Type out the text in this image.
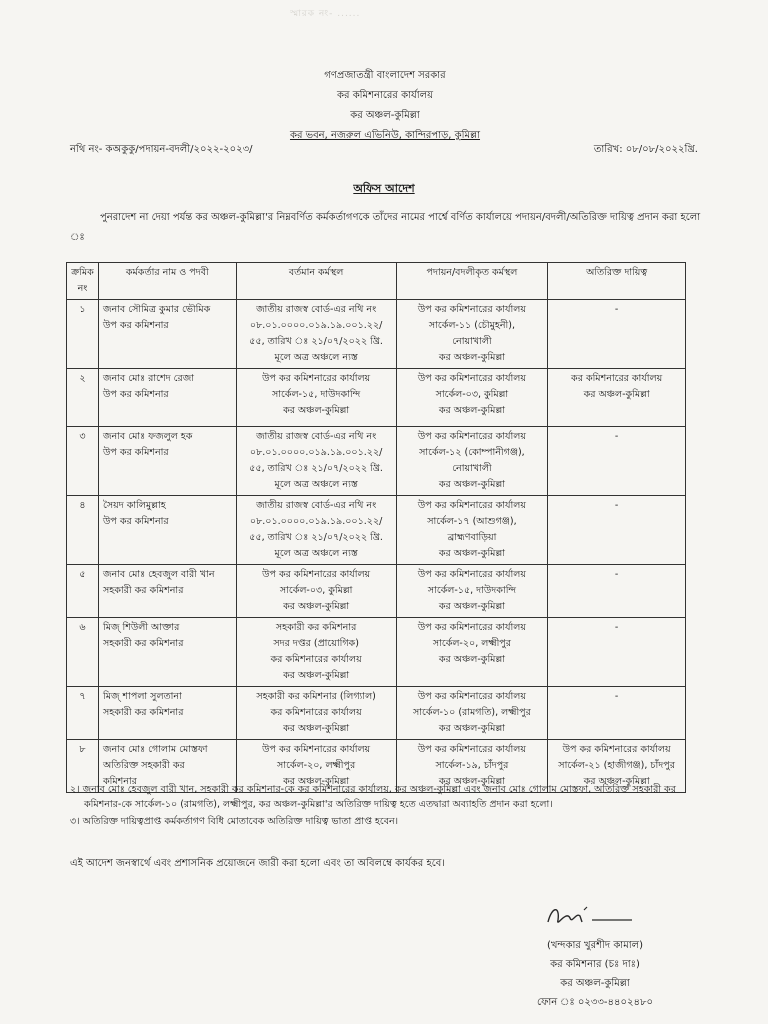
স্মারক নং- ......
গণপ্রজাতন্ত্রী বাংলাদেশ সরকার
কর কমিশনারের কার্যালয়
কর অঞ্চল-কুমিল্লা
কর ভবন, নজরুল এভিনিউ, কান্দিরপাড়, কুমিল্লা
নথি নং- কঅকুকু/পদায়ন-বদলী/২০২২-২০২৩/	তারিখ: ০৮/০৮/২০২২খ্রি.
অফিস আদেশ
পুনরাদেশ না দেয়া পর্যন্ত কর অঞ্চল-কুমিল্লা'র নিম্নবর্ণিত কর্মকর্তাগণকে তাঁদের নামের পার্শ্বে বর্ণিত কার্যালয়ে পদায়ন/বদলী/অতিরিক্ত দায়িত্ব প্রদান করা হলো ঃ
ক্রমিক নং	কর্মকর্তার নাম ও পদবী	বর্তমান কর্মস্থল	পদায়ন/বদলীকৃত কর্মস্থল	অতিরিক্ত দায়িত্ব
১	জনাব সৌমিত্র কুমার ভৌমিক
উপ কর কমিশনার	জাতীয় রাজস্ব বোর্ড-এর নথি নং
০৮.০১.০০০০.০১৯.১৯.০০১.২২/
৫৫, তারিখ ঃ ২১/০৭/২০২২ খ্রি.
মূলে অত্র অঞ্চলে ন্যস্ত	উপ কর কমিশনারের কার্যালয়
সার্কেল-১১ (চৌমুহনী),
নোয়াখালী
কর অঞ্চল-কুমিল্লা	-

২	জনাব মোঃ রাশেদ রেজা
উপ কর কমিশনার	উপ কর কমিশনারের কার্যালয়
সার্কেল-১৫, দাউদকান্দি
কর অঞ্চল-কুমিল্লা	উপ কর কমিশনারের কার্যালয়
সার্কেল-০৩, কুমিল্লা
কর অঞ্চল-কুমিল্লা	কর কমিশনারের কার্যালয়
কর অঞ্চল-কুমিল্লা

৩	জনাব মোঃ ফজলুল হক
উপ কর কমিশনার	জাতীয় রাজস্ব বোর্ড-এর নথি নং
০৮.০১.০০০০.০১৯.১৯.০০১.২২/
৫৫, তারিখ ঃ ২১/০৭/২০২২ খ্রি.
মূলে অত্র অঞ্চলে ন্যস্ত	উপ কর কমিশনারের কার্যালয়
সার্কেল-১২ (কোম্পানীগঞ্জ),
নোয়াখালী
কর অঞ্চল-কুমিল্লা	-

৪	সৈয়দ কালিমুল্লাহ
উপ কর কমিশনার	জাতীয় রাজস্ব বোর্ড-এর নথি নং
০৮.০১.০০০০.০১৯.১৯.০০১.২২/
৫৫, তারিখ ঃ ২১/০৭/২০২২ খ্রি.
মূলে অত্র অঞ্চলে ন্যস্ত	উপ কর কমিশনারের কার্যালয়
সার্কেল-১৭ (আশুগঞ্জ),
ব্রাহ্মণবাড়িয়া
কর অঞ্চল-কুমিল্লা	-

৫	জনাব মোঃ হেবজুল বারী খান
সহকারী কর কমিশনার	উপ কর কমিশনারের কার্যালয়
সার্কেল-০৩, কুমিল্লা
কর অঞ্চল-কুমিল্লা	উপ কর কমিশনারের কার্যালয়
সার্কেল-১৫, দাউদকান্দি
কর অঞ্চল-কুমিল্লা	-

৬	মিজ্ শিউলী আক্তার
সহকারী কর কমিশনার	সহকারী কর কমিশনার
সদর দপ্তর (প্রায়োগিক)
কর কমিশনারের কার্যালয়
কর অঞ্চল-কুমিল্লা	উপ কর কমিশনারের কার্যালয়
সার্কেল-২০, লক্ষ্মীপুর
কর অঞ্চল-কুমিল্লা	-

৭	মিজ্ শাপলা সুলতানা
সহকারী কর কমিশনার	সহকারী কর কমিশনার (লিগ্যাল)
কর কমিশনারের কার্যালয়
কর অঞ্চল-কুমিল্লা	উপ কর কমিশনারের কার্যালয়
সার্কেল-১০ (রামগতি), লক্ষ্মীপুর
কর অঞ্চল-কুমিল্লা	-

৮	জনাব মোঃ গোলাম মোস্তফা
অতিরিক্ত সহকারী কর
কমিশনার	উপ কর কমিশনারের কার্যালয়
সার্কেল-২০, লক্ষ্মীপুর
কর অঞ্চল-কুমিল্লা	উপ কর কমিশনারের কার্যালয়
সার্কেল-১৯, চাঁদপুর
কর অঞ্চল-কুমিল্লা	উপ কর কমিশনারের কার্যালয়
সার্কেল-২১ (হাজীগঞ্জ), চাঁদপুর
কর অঞ্চল-কুমিল্লা
২। জনাব মোঃ হেবজুল বারী খান, সহকারী কর কমিশনার-কে কর কমিশনারের কার্যালয়, কর অঞ্চল-কুমিল্লা এবং জনাব মোঃ গোলাম মোস্তফা, অতিরিক্ত সহকারী কর কমিশনার-কে সার্কেল-১০ (রামগতি), লক্ষ্মীপুর, কর অঞ্চল-কুমিল্লা'র অতিরিক্ত দায়িত্ব হতে এতদ্বারা অব্যাহতি প্রদান করা হলো।
৩। অতিরিক্ত দায়িত্বপ্রাপ্ত কর্মকর্তাগণ বিধি মোতাবেক অতিরিক্ত দায়িত্ব ভাতা প্রাপ্ত হবেন।
এই আদেশ জনস্বার্থে এবং প্রশাসনিক প্রয়োজনে জারী করা হলো এবং তা অবিলম্বে কার্যকর হবে।
(খন্দকার খুরশীদ কামাল)
কর কমিশনার (চঃ দাঃ)
কর অঞ্চল-কুমিল্লা
ফোন ঃ ০২৩৩-৪৪০২৪৮০
